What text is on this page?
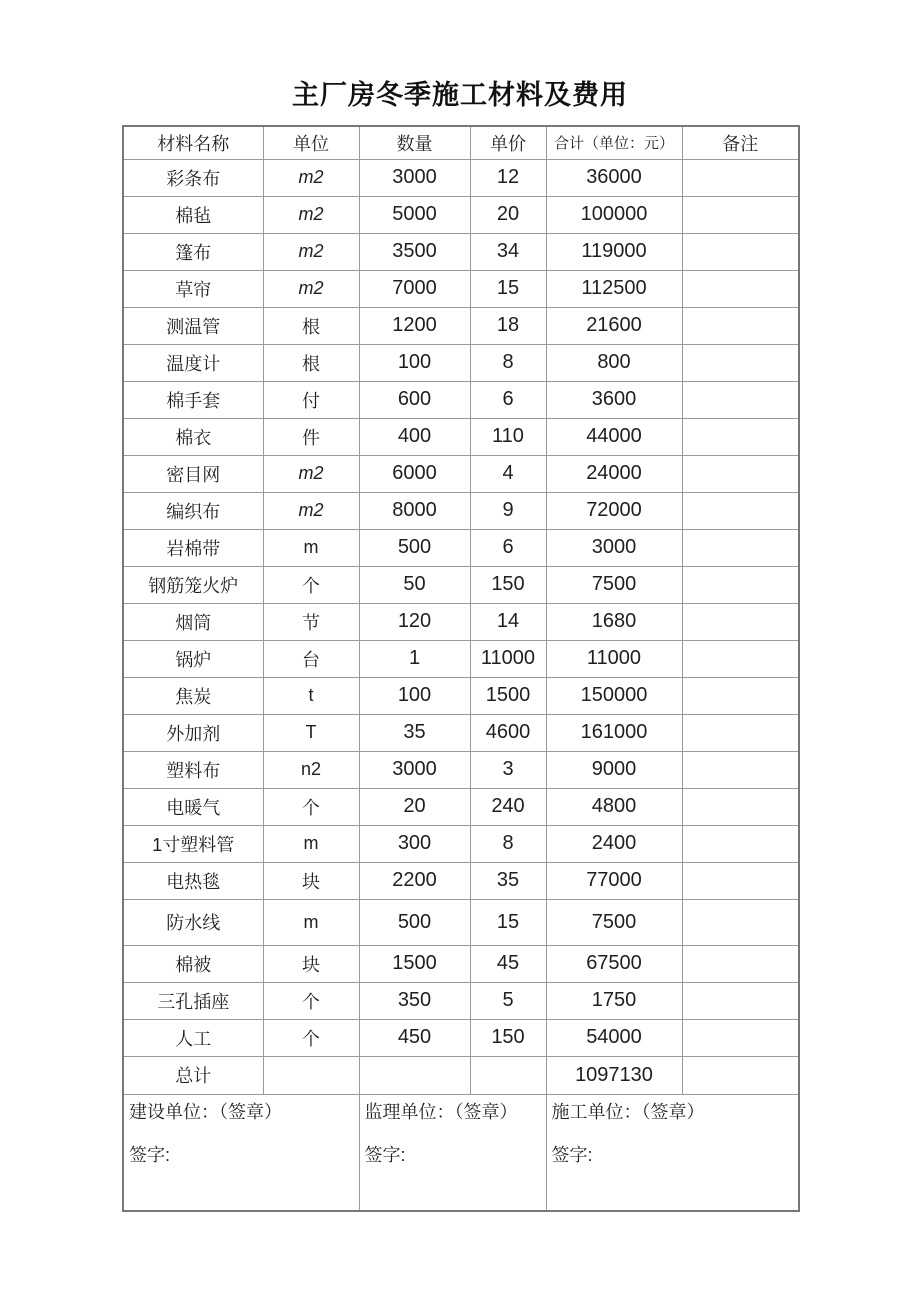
主厂房冬季施工材料及费用
材料名称	单位	数量	单价	合计（单位：元）	备注
彩条布	m2	3000	12	36000	
棉毡	m2	5000	20	100000	
篷布	m2	3500	34	119000	
草帘	m2	7000	15	112500	
测温管	根	1200	18	21600	
温度计	根	100	8	800	
棉手套	付	600	6	3600	
棉衣	件	400	110	44000	
密目网	m2	6000	4	24000	
编织布	m2	8000	9	72000	
岩棉带	m	500	6	3000	
钢筋笼火炉	个	50	150	7500	
烟筒	节	120	14	1680	
锅炉	台	1	11000	11000	
焦炭	t	100	1500	150000	
外加剂	T	35	4600	161000	
塑料布	n2	3000	3	9000	
电暖气	个	20	240	4800	
1寸塑料管	m	300	8	2400	
电热毯	块	2200	35	77000	
防水线	m	500	15	7500	
棉被	块	1500	45	67500	
三孔插座	个	350	5	1750	
人工	个	450	150	54000	
总计				1097130	

建设单位：（签章）
签字:

监理单位：（签章）
签字:

施工单位：（签章）
签字:
